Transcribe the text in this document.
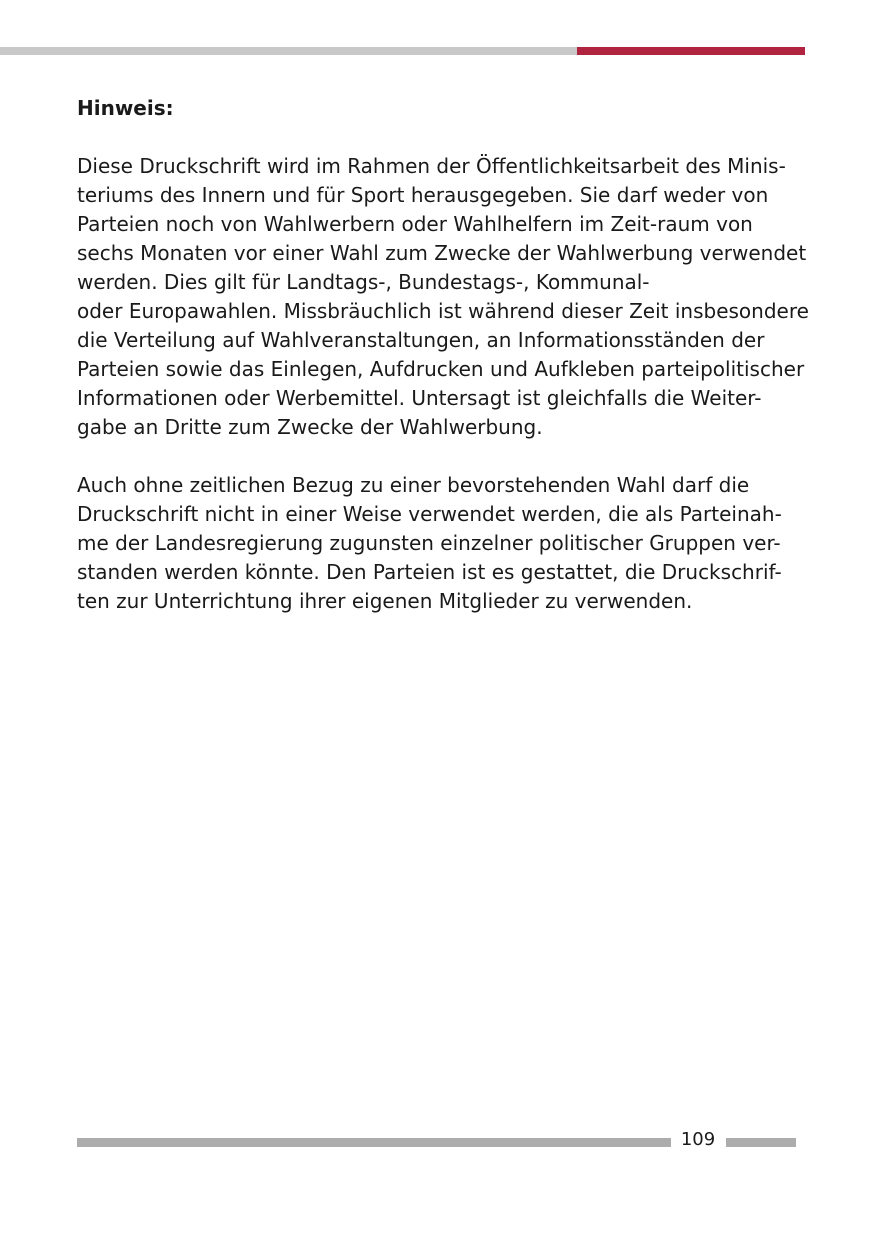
Hinweis:

Diese Druckschrift wird im Rahmen der Öffentlichkeitsarbeit des Minis-
teriums des Innern und für Sport herausgegeben. Sie darf weder von
Parteien noch von Wahlwerbern oder Wahlhelfern im Zeit-raum von
sechs Monaten vor einer Wahl zum Zwecke der Wahlwerbung verwendet
werden. Dies gilt für Landtags-, Bundestags-, Kommunal-
oder Europawahlen. Missbräuchlich ist während dieser Zeit insbesondere
die Verteilung auf Wahlveranstaltungen, an Informationsständen der
Parteien sowie das Einlegen, Aufdrucken und Aufkleben parteipolitischer
Informationen oder Werbemittel. Untersagt ist gleichfalls die Weiter-
gabe an Dritte zum Zwecke der Wahlwerbung.

Auch ohne zeitlichen Bezug zu einer bevorstehenden Wahl darf die
Druckschrift nicht in einer Weise verwendet werden, die als Parteinah-
me der Landesregierung zugunsten einzelner politischer Gruppen ver-
standen werden könnte. Den Parteien ist es gestattet, die Druckschrif-
ten zur Unterrichtung ihrer eigenen Mitglieder zu verwenden.

109
